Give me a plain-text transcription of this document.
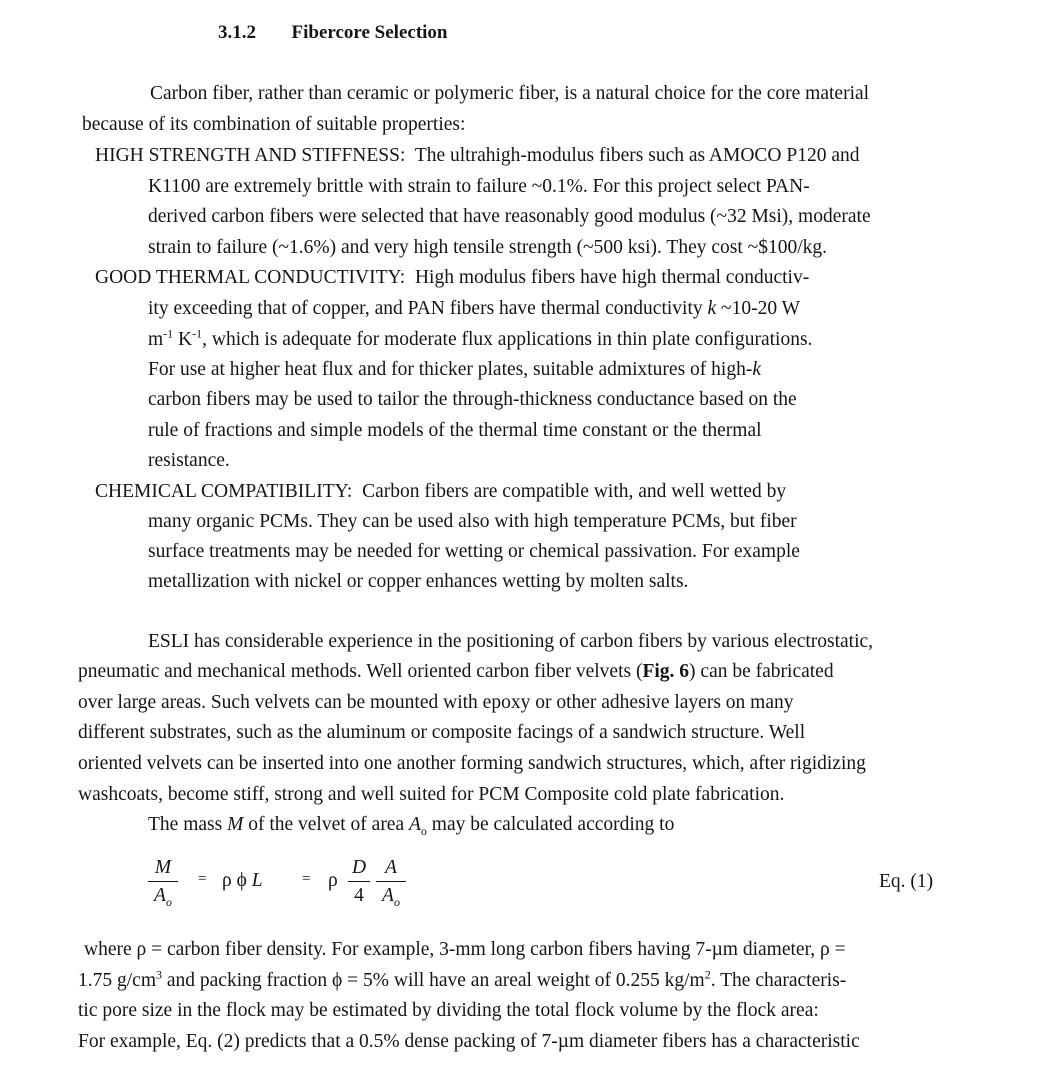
3.1.2 Fibercore Selection
Carbon fiber, rather than ceramic or polymeric fiber, is a natural choice for the core material
because of its combination of suitable properties:
HIGH STRENGTH AND STIFFNESS: The ultrahigh-modulus fibers such as AMOCO P120 and
K1100 are extremely brittle with strain to failure ~0.1%. For this project select PAN-
derived carbon fibers were selected that have reasonably good modulus (~32 Msi), moderate
strain to failure (~1.6%) and very high tensile strength (~500 ksi). They cost ~$100/kg.
GOOD THERMAL CONDUCTIVITY: High modulus fibers have high thermal conductiv-
ity exceeding that of copper, and PAN fibers have thermal conductivity k ~10-20 W
$m^{-1}$ $K^{-1}$, which is adequate for moderate flux applications in thin plate configurations.
For use at higher heat flux and for thicker plates, suitable admixtures of high-k
carbon fibers may be used to tailor the through-thickness conductance based on the
rule of fractions and simple models of the thermal time constant or the thermal
resistance.
CHEMICAL COMPATIBILITY: Carbon fibers are compatible with, and well wetted by
many organic PCMs. They can be used also with high temperature PCMs, but fiber
surface treatments may be needed for wetting or chemical passivation. For example
metallization with nickel or copper enhances wetting by molten salts.
ESLI has considerable experience in the positioning of carbon fibers by various electrostatic,
pneumatic and mechanical methods. Well oriented carbon fiber velvets (Fig. 6) can be fabricated
over large areas. Such velvets can be mounted with epoxy or other adhesive layers on many
different substrates, such as the aluminum or composite facings of a sandwich structure. Well
oriented velvets can be inserted into one another forming sandwich structures, which, after rigidizing
washcoats, become stiff, strong and well suited for PCM Composite cold plate fabrication.
The mass M of the velvet of area $A_o$ may be calculated according to
M
$A_o$
= ρ ϕ L	= ρ
D
4
A
$A_o$
Eq. (1)
where ρ = carbon fiber density. For example, 3-mm long carbon fibers having 7-µm diameter, ρ =
1.75 $g/cm^3$ and packing fraction ϕ = 5% will have an areal weight of 0.255 $kg/m^2$. The characteris-
tic pore size in the flock may be estimated by dividing the total flock volume by the flock area:
For example, Eq. (2) predicts that a 0.5% dense packing of 7-µm diameter fibers has a characteristic
